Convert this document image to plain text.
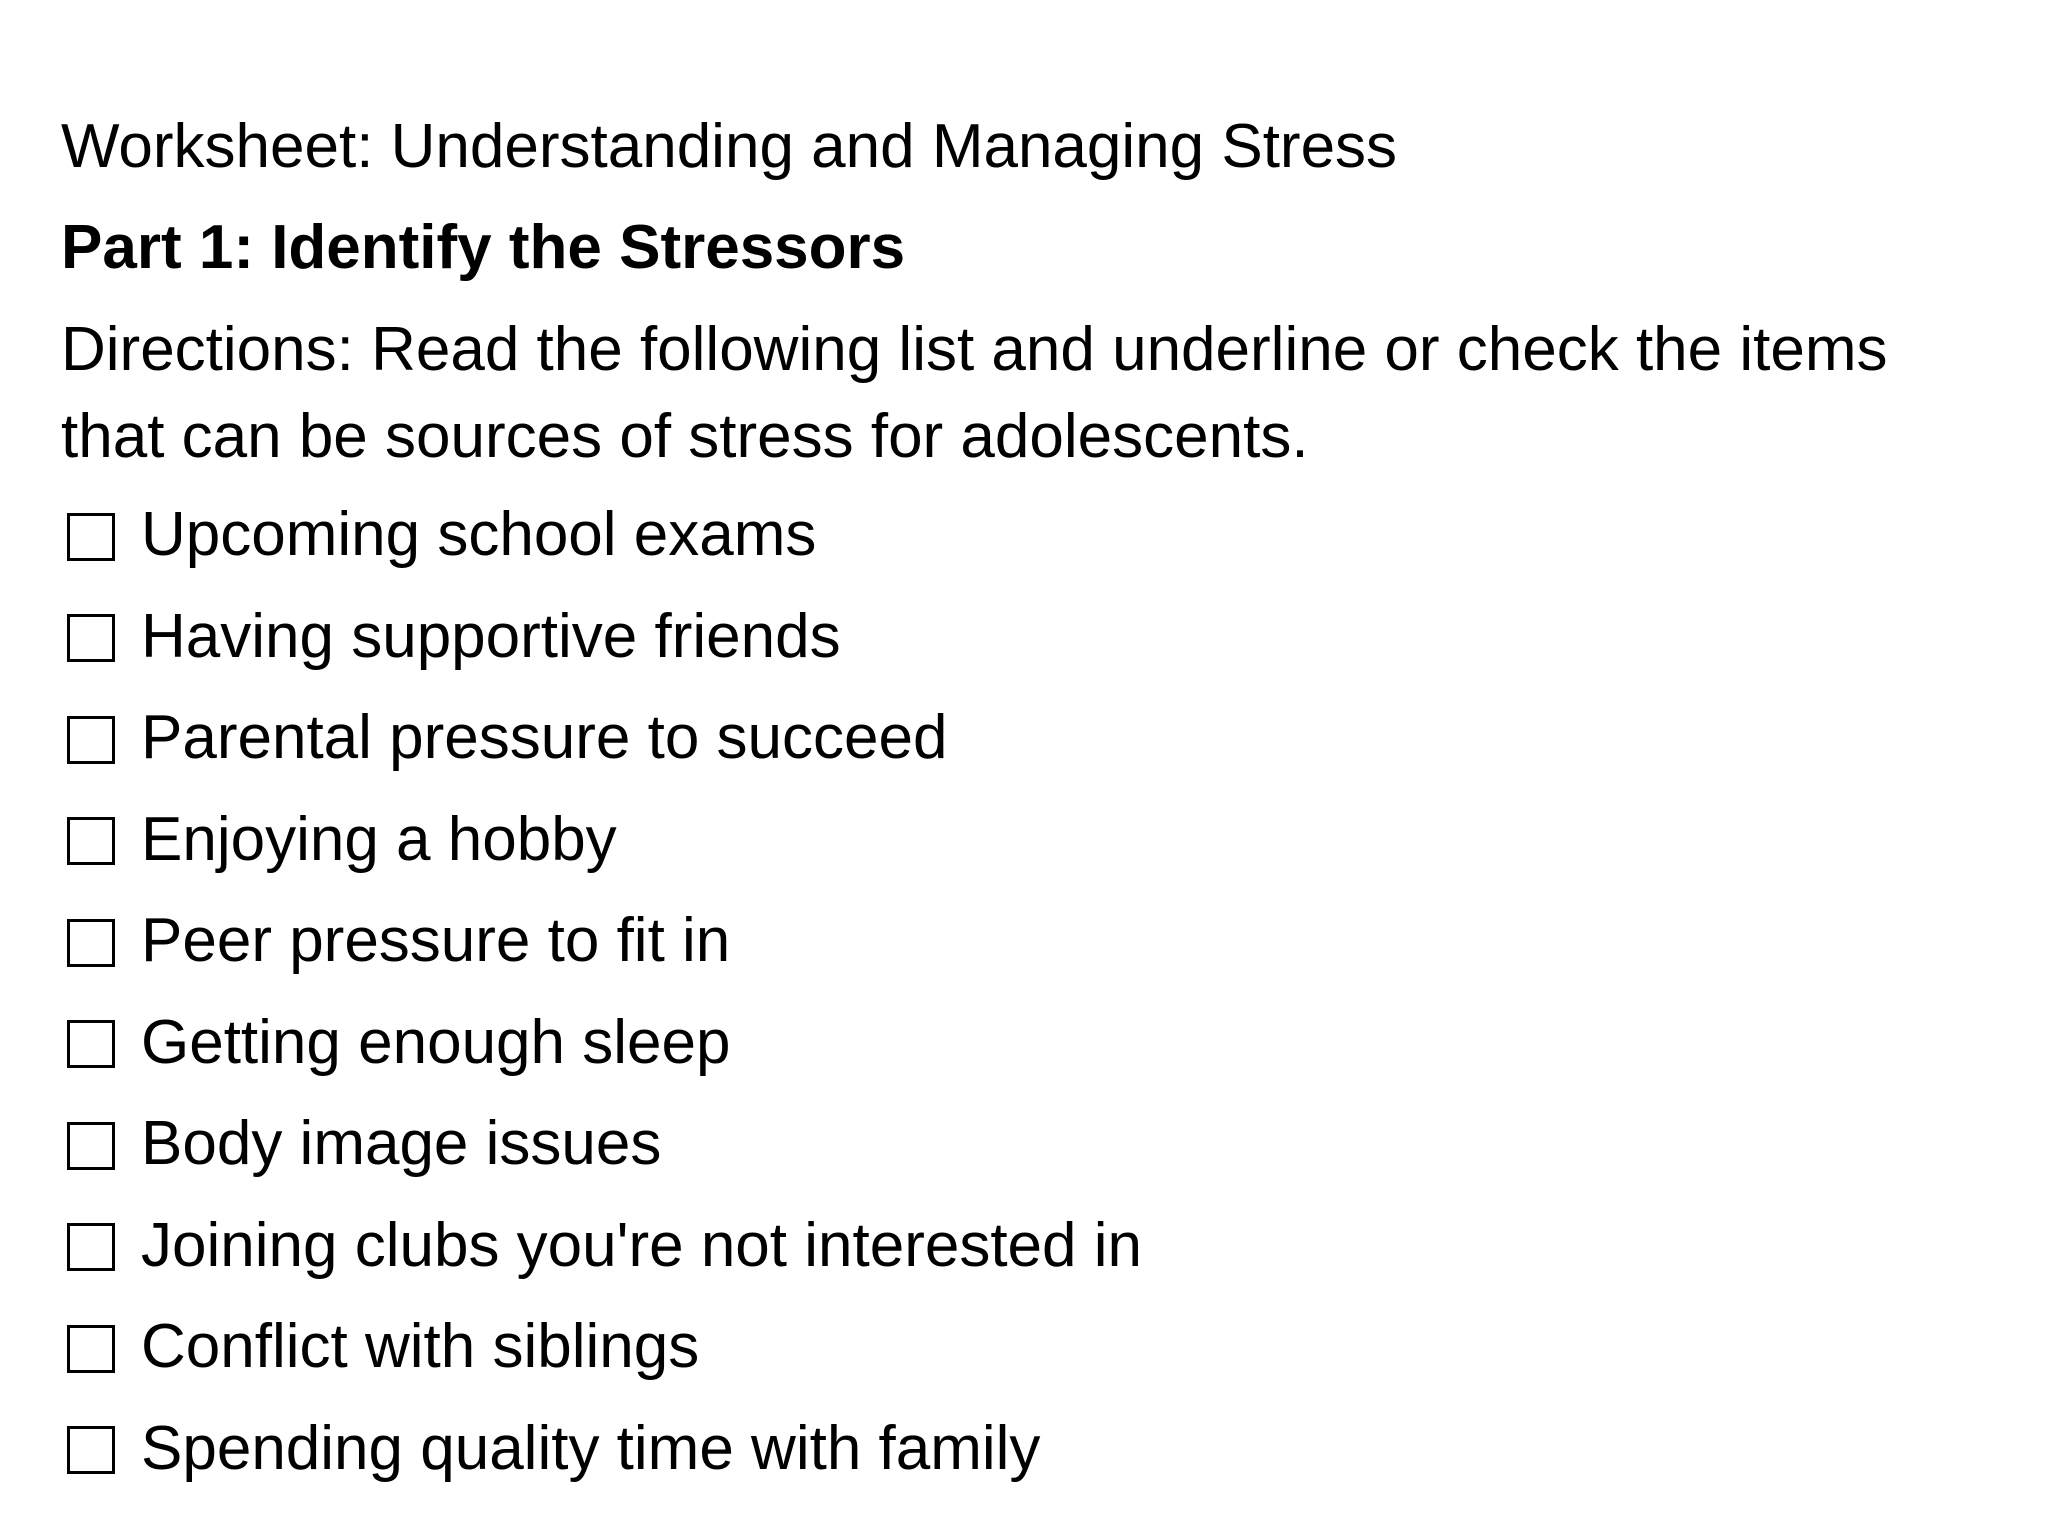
Worksheet: Understanding and Managing Stress
Part 1: Identify the Stressors

Directions: Read the following list and underline or check the items that can be sources of stress for adolescents.

Upcoming school exams
Having supportive friends
Parental pressure to succeed
Enjoying a hobby
Peer pressure to fit in
Getting enough sleep
Body image issues
Joining clubs you're not interested in
Conflict with siblings
Spending quality time with family
